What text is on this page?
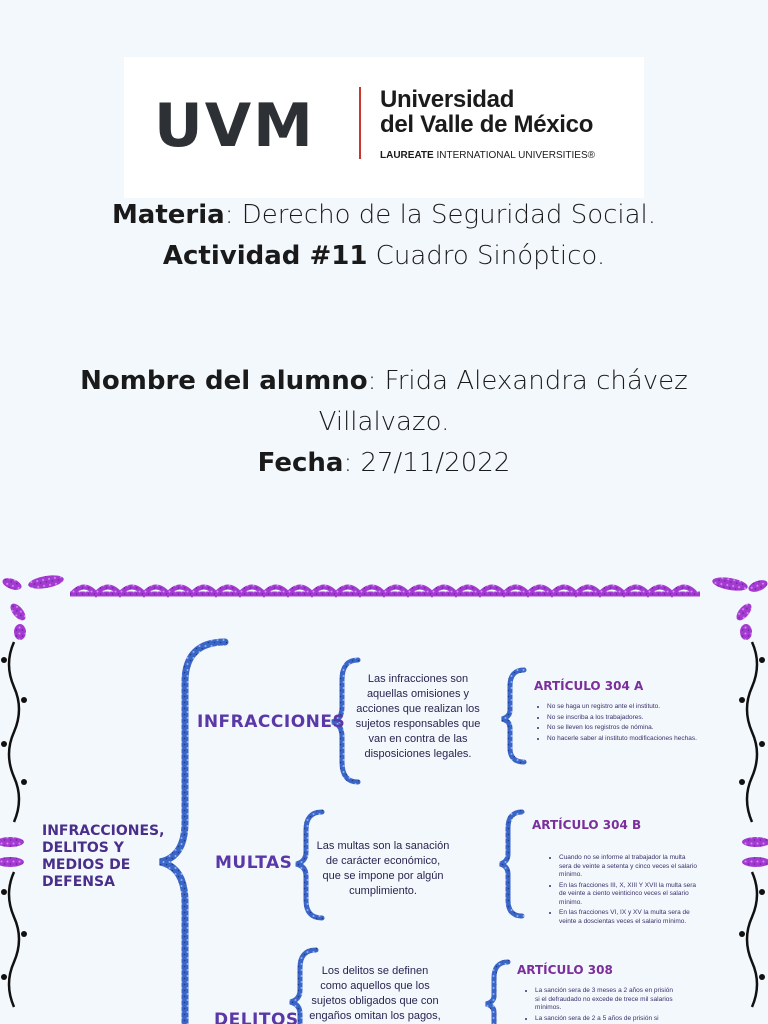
UVM	Universidad
del Valle de México
LAUREATE INTERNATIONAL UNIVERSITIES®
Materia: Derecho de la Seguridad Social.
Actividad #11 Cuadro Sinóptico.
Nombre del alumno: Frida Alexandra chávez
Villalvazo.
Fecha: 27/11/2022
INFRACCIONES, DELITOS Y MEDIOS DE DEFENSA
INFRACCIONES
Las infracciones son aquellas omisiones y acciones que realizan los sujetos responsables que van en contra de las disposiciones legales.
ARTÍCULO 304 A
• No se haga un registro ante el instituto.
• No se inscriba a los trabajadores.
• No se lleven los registros de nómina.
• No hacerle saber al instituto modificaciones hechas.
MULTAS
Las multas son la sanación de carácter económico, que se impone por algún cumplimiento.
ARTÍCULO 304 B
• Cuando no se informe al trabajador la multa sera de veinte a setenta y cinco veces el salario mínimo.
• En las fracciones III, X, XIII Y XVII la multa sera de veinte a ciento veinticinco veces el salario mínimo.
• En las fracciones VI, IX y XV la multa sera de veinte a doscientas veces el salario mínimo.
DELITOS
Los delitos se definen como aquellos que los sujetos obligados que con engaños omitan los pagos,
ARTÍCULO 308
• La sanción sera de 3 meses a 2 años en prisión si el defraudado no excede de trece mil salarios mínimos.
• La sanción sera de 2 a 5 años de prisión si
